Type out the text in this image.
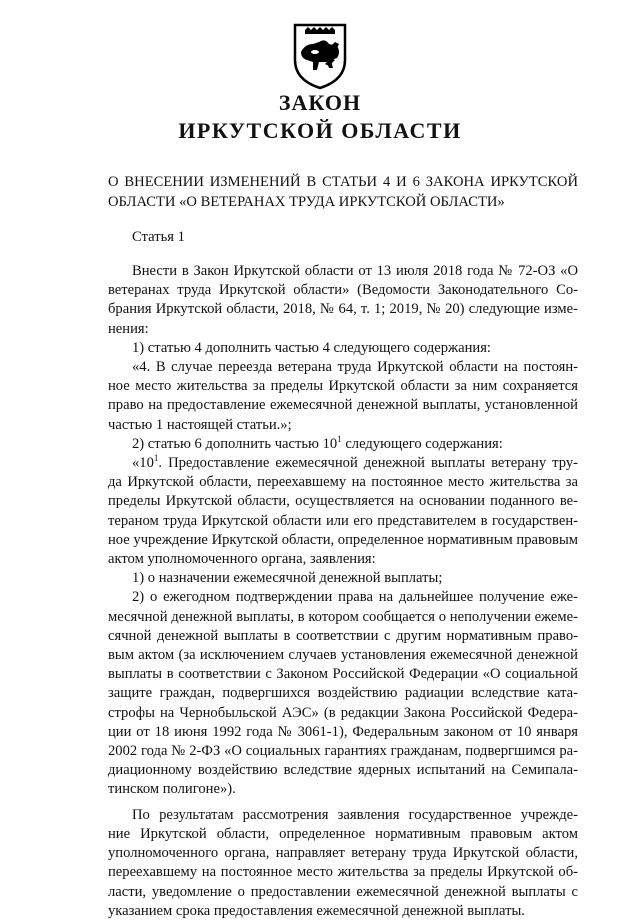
ЗАКОН
ИРКУТСКОЙ ОБЛАСТИ
О ВНЕСЕНИИ ИЗМЕНЕНИЙ В СТАТЬИ 4 И 6 ЗАКОНА ИРКУТСКОЙ
ОБЛАСТИ «О ВЕТЕРАНАХ ТРУДА ИРКУТСКОЙ ОБЛАСТИ»
Статья 1
Внести в Закон Иркутской области от 13 июля 2018 года № 72-ОЗ «О
ветеранах труда Иркутской области» (Ведомости Законодательного Со-
брания Иркутской области, 2018, № 64, т. 1; 2019, № 20) следующие изме-
нения:
1) статью 4 дополнить частью 4 следующего содержания:
«4. В случае переезда ветерана труда Иркутской области на постоян-
ное место жительства за пределы Иркутской области за ним сохраняется
право на предоставление ежемесячной денежной выплаты, установленной
частью 1 настоящей статьи.»;
2) статью 6 дополнить частью $10^1$ следующего содержания:
«$10^1$. Предоставление ежемесячной денежной выплаты ветерану тру-
да Иркутской области, переехавшему на постоянное место жительства за
пределы Иркутской области, осуществляется на основании поданного ве-
тераном труда Иркутской области или его представителем в государствен-
ное учреждение Иркутской области, определенное нормативным правовым
актом уполномоченного органа, заявления:
1) о назначении ежемесячной денежной выплаты;
2) о ежегодном подтверждении права на дальнейшее получение еже-
месячной денежной выплаты, в котором сообщается о неполучении ежеме-
сячной денежной выплаты в соответствии с другим нормативным право-
вым актом (за исключением случаев установления ежемесячной денежной
выплаты в соответствии с Законом Российской Федерации «О социальной
защите граждан, подвергшихся воздействию радиации вследствие ката-
строфы на Чернобыльской АЭС» (в редакции Закона Российской Федера-
ции от 18 июня 1992 года № 3061-1), Федеральным законом от 10 января
2002 года № 2-ФЗ «О социальных гарантиях гражданам, подвергшимся ра-
диационному воздействию вследствие ядерных испытаний на Семипала-
тинском полигоне»).
По результатам рассмотрения заявления государственное учрежде-
ние Иркутской области, определенное нормативным правовым актом
уполномоченного органа, направляет ветерану труда Иркутской области,
переехавшему на постоянное место жительства за пределы Иркутской об-
ласти, уведомление о предоставлении ежемесячной денежной выплаты с
указанием срока предоставления ежемесячной денежной выплаты.
